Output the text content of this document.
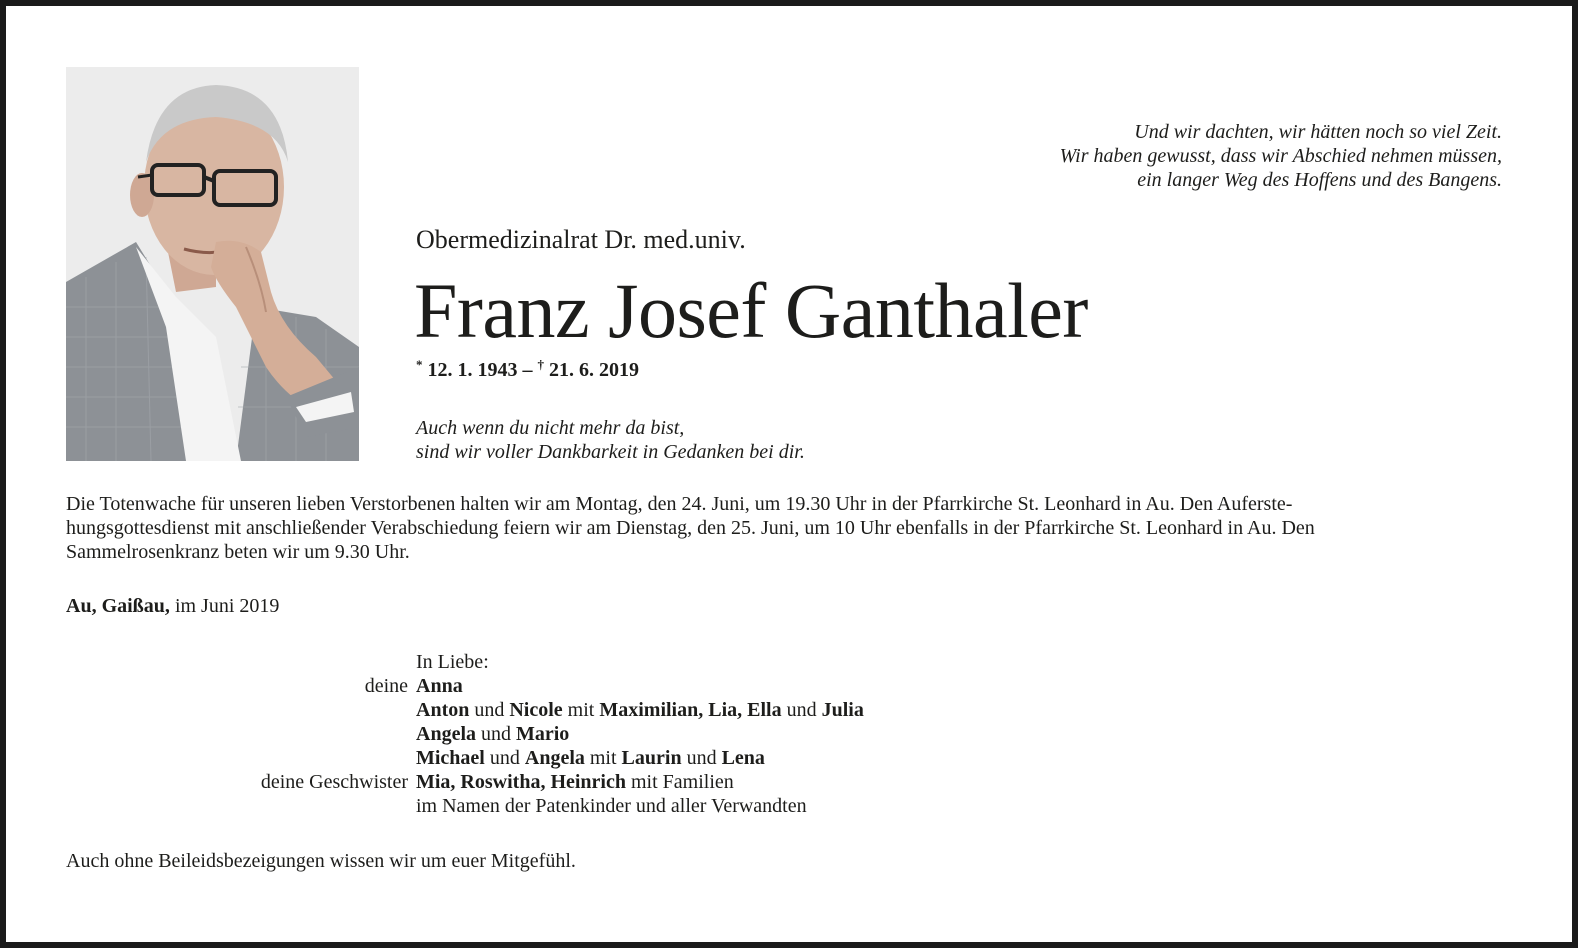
Und wir dachten, wir hätten noch so viel Zeit.
Wir haben gewusst, dass wir Abschied nehmen müssen,
ein langer Weg des Hoffens und des Bangens.
Obermedizinalrat Dr. med.univ.
Franz Josef Ganthaler
* 12. 1. 1943 – † 21. 6. 2019
Auch wenn du nicht mehr da bist,
sind wir voller Dankbarkeit in Gedanken bei dir.
Die Totenwache für unseren lieben Verstorbenen halten wir am Montag, den 24. Juni, um 19.30 Uhr in der Pfarrkirche St. Leonhard in Au. Den Auferste-
hungsgottesdienst mit anschließender Verabschiedung feiern wir am Dienstag, den 25. Juni, um 10 Uhr ebenfalls in der Pfarrkirche St. Leonhard in Au. Den
Sammelrosenkranz beten wir um 9.30 Uhr.
Au, Gaißau, im Juni 2019
In Liebe:
deine Anna
Anton und Nicole mit Maximilian, Lia, Ella und Julia
Angela und Mario
Michael und Angela mit Laurin und Lena
deine Geschwister Mia, Roswitha, Heinrich mit Familien
im Namen der Patenkinder und aller Verwandten
Auch ohne Beileidsbezeigungen wissen wir um euer Mitgefühl.
